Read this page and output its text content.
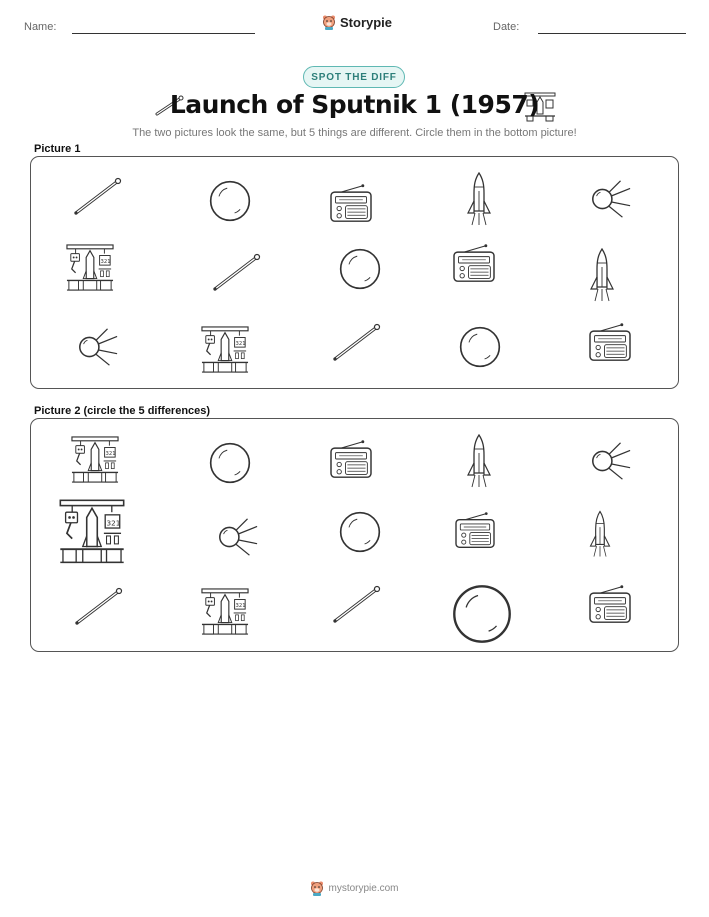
Name:	Storypie	Date:
SPOT THE DIFF
Launch of Sputnik 1 (1957)
The two pictures look the same, but 5 things are different. Circle them in the bottom picture!
Picture 1
321
321
Picture 2 (circle the 5 differences)
321
321
321
mystorypie.com
